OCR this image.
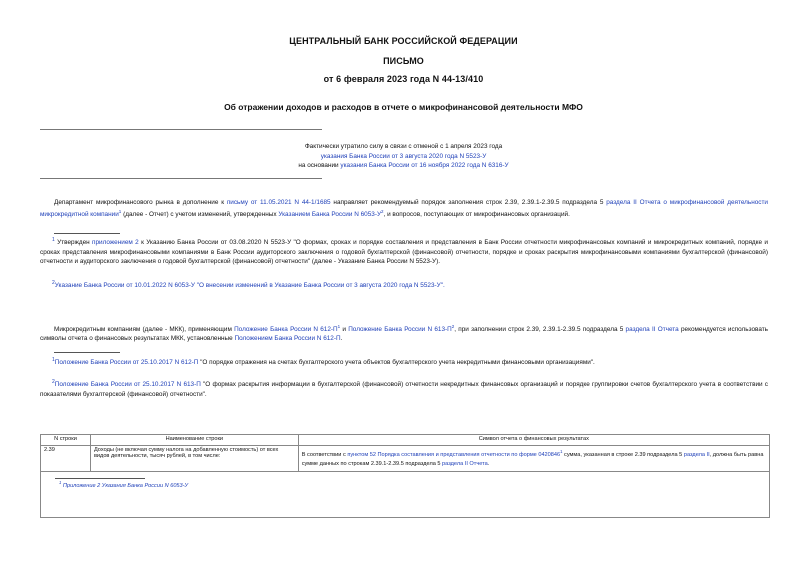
ЦЕНТРАЛЬНЫЙ БАНК РОССИЙСКОЙ ФЕДЕРАЦИИ
ПИСЬМО
от 6 февраля 2023 года N 44-13/410
Об отражении доходов и расходов в отчете о микрофинансовой деятельности МФО
Фактически утратило силу в связи с отменой с 1 апреля 2023 года
указания Банка России от 3 августа 2020 года N 5523-У
на основании указания Банка России от 16 ноября 2022 года N 6316-У

Департамент микрофинансового рынка в дополнение к письму от 11.05.2021 N 44-1/1685 направляет рекомендуемый порядок заполнения строк 2.39, 2.39.1-2.39.5 подраздела 5 раздела II Отчета о микрофинансовой деятельности микрокредитной компании$^1$ (далее - Отчет) с учетом изменений, утвержденных Указанием Банка России N $6053-У^2$, и вопросов, поступающих от микрофинансовых организаций.

$^1$ Утвержден приложением 2 к Указанию Банка России от 03.08.2020 N 5523-У "О формах, сроках и порядке составления и представления в Банк России отчетности микрофинансовых компаний и микрокредитных компаний, порядке и сроках представления микрофинансовыми компаниями в Банк России аудиторского заключения о годовой бухгалтерской (финансовой) отчетности, порядке и сроках раскрытия микрофинансовыми компаниями бухгалтерской (финансовой) отчетности и аудиторского заключения о годовой бухгалтерской (финансовой) отчетности" (далее - Указание Банка России N 5523-У).
$^2$Указание Банка России от 10.01.2022 N 6053-У "О внесении изменений в Указание Банка России от 3 августа 2020 года N 5523-У".

Микрокредитным компаниям (далее - МКК), применяющим Положение Банка России N $612-П^1$ и Положение Банка России N $613-П^2$, при заполнении строк 2.39, 2.39.1-2.39.5 подраздела 5 раздела II Отчета рекомендуется использовать символы отчета о финансовых результатах МКК, установленные Положением Банка России N 612-П.

$^1$Положение Банка России от 25.10.2017 N 612-П "О порядке отражения на счетах бухгалтерского учета объектов бухгалтерского учета некредитными финансовыми организациями".
$^2$Положение Банка России от 25.10.2017 N 613-П "О формах раскрытия информации в бухгалтерской (финансовой) отчетности некредитных финансовых организаций и порядке группировки счетов бухгалтерского учета в соответствии с показателями бухгалтерской (финансовой) отчетности".
N строки	Наименование строки	Символ отчета о финансовых результатах
2.39	Доходы (не включая сумму налога на добавленную стоимость) от всех видов деятельности, тысяч рублей, в том числе:	В соответствии с пунктом 52 Порядка составления и представления отчетности по форме 0420846$^1$ сумма, указанная в строке 2.39 подраздела 5 раздела II, должна быть равна сумме данных по строкам 2.39.1-2.39.5 подраздела 5 раздела II Отчета.
$^1$ Приложение 2 Указания Банка России N 6053-У
